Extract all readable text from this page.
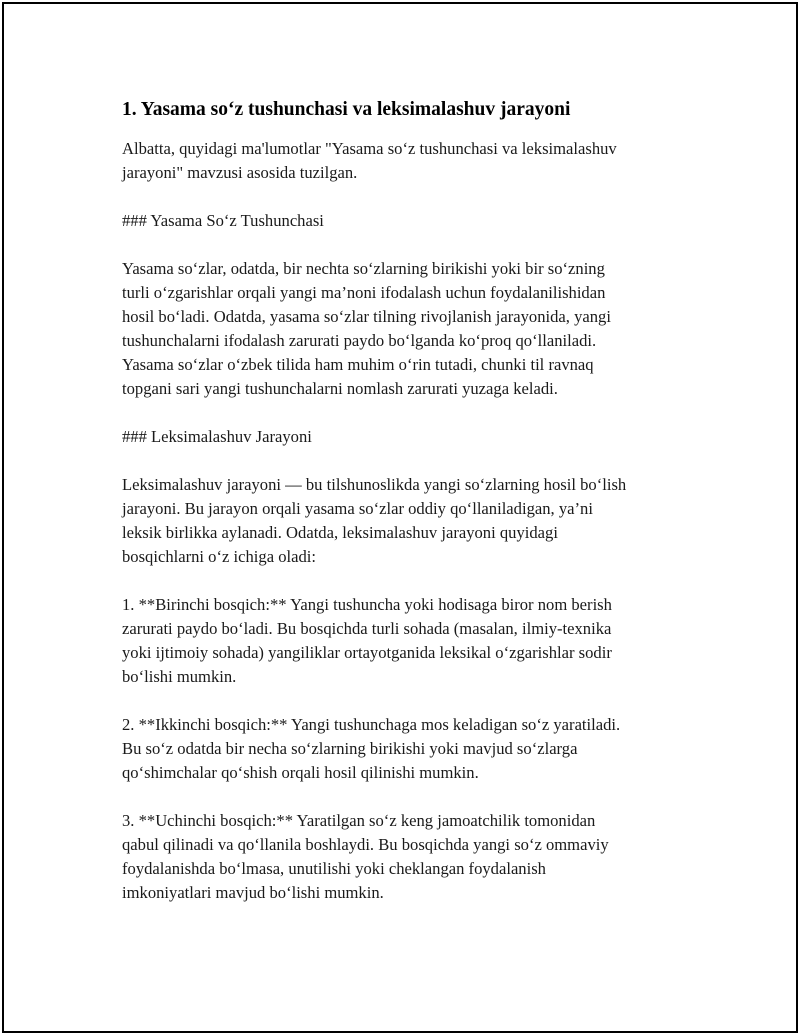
1. Yasama so‘z tushunchasi va leksimalashuv jarayoni
Albatta, quyidagi ma'lumotlar "Yasama so‘z tushunchasi va leksimalashuv
jarayoni" mavzusi asosida tuzilgan.
### Yasama So‘z Tushunchasi
Yasama so‘zlar, odatda, bir nechta so‘zlarning birikishi yoki bir so‘zning
turli o‘zgarishlar orqali yangi ma’noni ifodalash uchun foydalanilishidan
hosil bo‘ladi. Odatda, yasama so‘zlar tilning rivojlanish jarayonida, yangi
tushunchalarni ifodalash zarurati paydo bo‘lganda ko‘proq qo‘llaniladi.
Yasama so‘zlar o‘zbek tilida ham muhim o‘rin tutadi, chunki til ravnaq
topgani sari yangi tushunchalarni nomlash zarurati yuzaga keladi.
### Leksimalashuv Jarayoni
Leksimalashuv jarayoni — bu tilshunoslikda yangi so‘zlarning hosil bo‘lish
jarayoni. Bu jarayon orqali yasama so‘zlar oddiy qo‘llaniladigan, ya’ni
leksik birlikka aylanadi. Odatda, leksimalashuv jarayoni quyidagi
bosqichlarni o‘z ichiga oladi:
1. **Birinchi bosqich:** Yangi tushuncha yoki hodisaga biror nom berish
zarurati paydo bo‘ladi. Bu bosqichda turli sohada (masalan, ilmiy-texnika
yoki ijtimoiy sohada) yangiliklar ortayotganida leksikal o‘zgarishlar sodir
bo‘lishi mumkin.
2. **Ikkinchi bosqich:** Yangi tushunchaga mos keladigan so‘z yaratiladi.
Bu so‘z odatda bir necha so‘zlarning birikishi yoki mavjud so‘zlarga
qo‘shimchalar qo‘shish orqali hosil qilinishi mumkin.
3. **Uchinchi bosqich:** Yaratilgan so‘z keng jamoatchilik tomonidan
qabul qilinadi va qo‘llanila boshlaydi. Bu bosqichda yangi so‘z ommaviy
foydalanishda bo‘lmasa, unutilishi yoki cheklangan foydalanish
imkoniyatlari mavjud bo‘lishi mumkin.
